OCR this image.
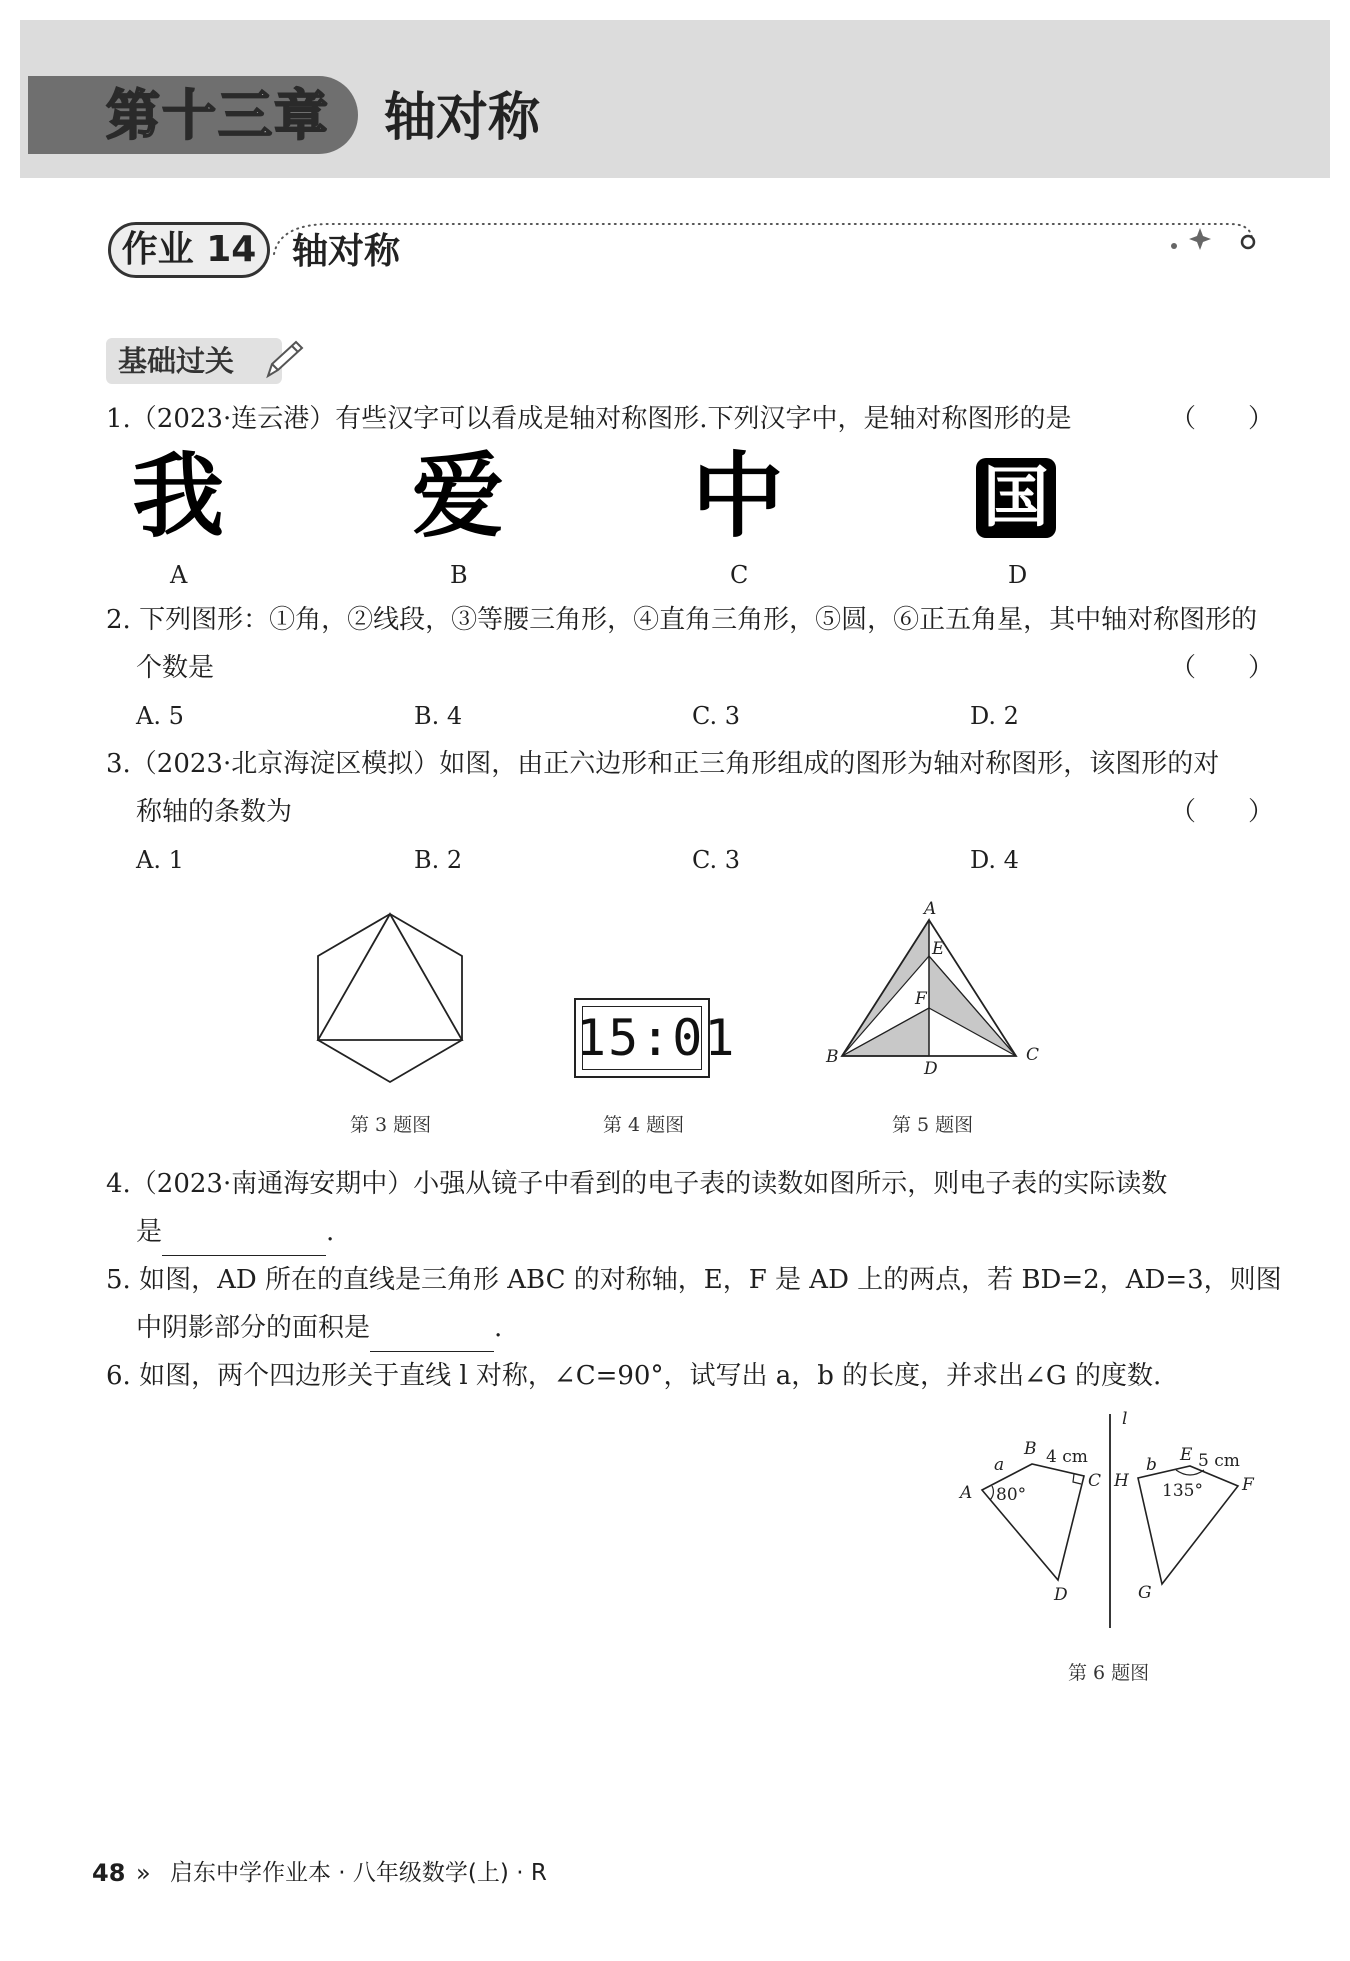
第十三章 轴对称
作业 14 轴对称
基础过关
1.（2023·连云港）有些汉字可以看成是轴对称图形.下列汉字中，是轴对称图形的是	（　　）
我 爱 中	国
A	B	C	D
2. 下列图形：①角，②线段，③等腰三角形，④直角三角形，⑤圆，⑥正五角星，其中轴对称图形的
个数是	（　　）
A. 5	B. 4	C. 3	D. 2
3.（2023·北京海淀区模拟）如图，由正六边形和正三角形组成的图形为轴对称图形，该图形的对
称轴的条数为	（　　）
A. 1	B. 2	C. 3	D. 4
第 3 题图
15:01
第 4 题图
A
E
F
B
D
C
第 5 题图
4.（2023·南通海安期中）小强从镜子中看到的电子表的读数如图所示，则电子表的实际读数
是	.
5. 如图，AD 所在的直线是三角形 ABC 的对称轴，E，F 是 AD 上的两点，若 BD=2，AD=3，则图
中阴影部分的面积是	.
6. 如图，两个四边形关于直线 l 对称，∠C=90°，试写出 a，b 的长度，并求出∠G 的度数.
l
a
B 4 cm
C
A 80°
D
H
b E 5 cm
F
135°
G
第 6 题图
48 » 启东中学作业本 · 八年级数学(上) · R
